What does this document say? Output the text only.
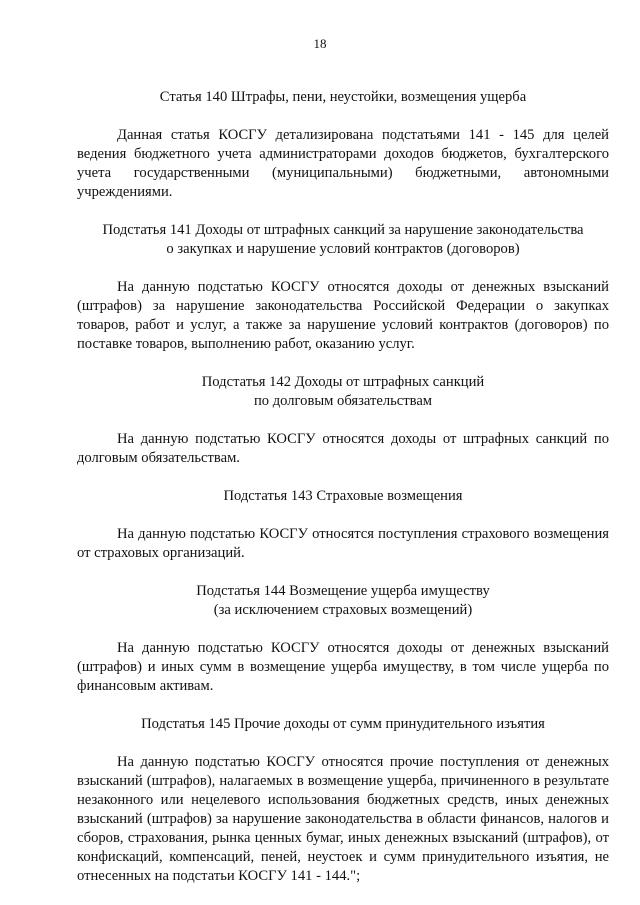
18

Статья 140 Штрафы, пени, неустойки, возмещения ущерба

Данная статья КОСГУ детализирована подстатьями 141 - 145 для целей ведения бюджетного учета администраторами доходов бюджетов, бухгалтерского учета государственными (муниципальными) бюджетными, автономными учреждениями.

Подстатья 141 Доходы от штрафных санкций за нарушение законодательства
о закупках и нарушение условий контрактов (договоров)

На данную подстатью КОСГУ относятся доходы от денежных взысканий (штрафов) за нарушение законодательства Российской Федерации о закупках товаров, работ и услуг, а также за нарушение условий контрактов (договоров) по поставке товаров, выполнению работ, оказанию услуг.

Подстатья 142 Доходы от штрафных санкций
по долговым обязательствам

На данную подстатью КОСГУ относятся доходы от штрафных санкций по долговым обязательствам.

Подстатья 143 Страховые возмещения

На данную подстатью КОСГУ относятся поступления страхового возмещения от страховых организаций.

Подстатья 144 Возмещение ущерба имуществу
(за исключением страховых возмещений)

На данную подстатью КОСГУ относятся доходы от денежных взысканий (штрафов) и иных сумм в возмещение ущерба имуществу, в том числе ущерба по финансовым активам.

Подстатья 145 Прочие доходы от сумм принудительного изъятия

На данную подстатью КОСГУ относятся прочие поступления от денежных взысканий (штрафов), налагаемых в возмещение ущерба, причиненного в результате незаконного или нецелевого использования бюджетных средств, иных денежных взысканий (штрафов) за нарушение законодательства в области финансов, налогов и сборов, страхования, рынка ценных бумаг, иных денежных взысканий (штрафов), от конфискаций, компенсаций, пеней, неустоек и сумм принудительного изъятия, не отнесенных на подстатьи КОСГУ 141 - 144.";
